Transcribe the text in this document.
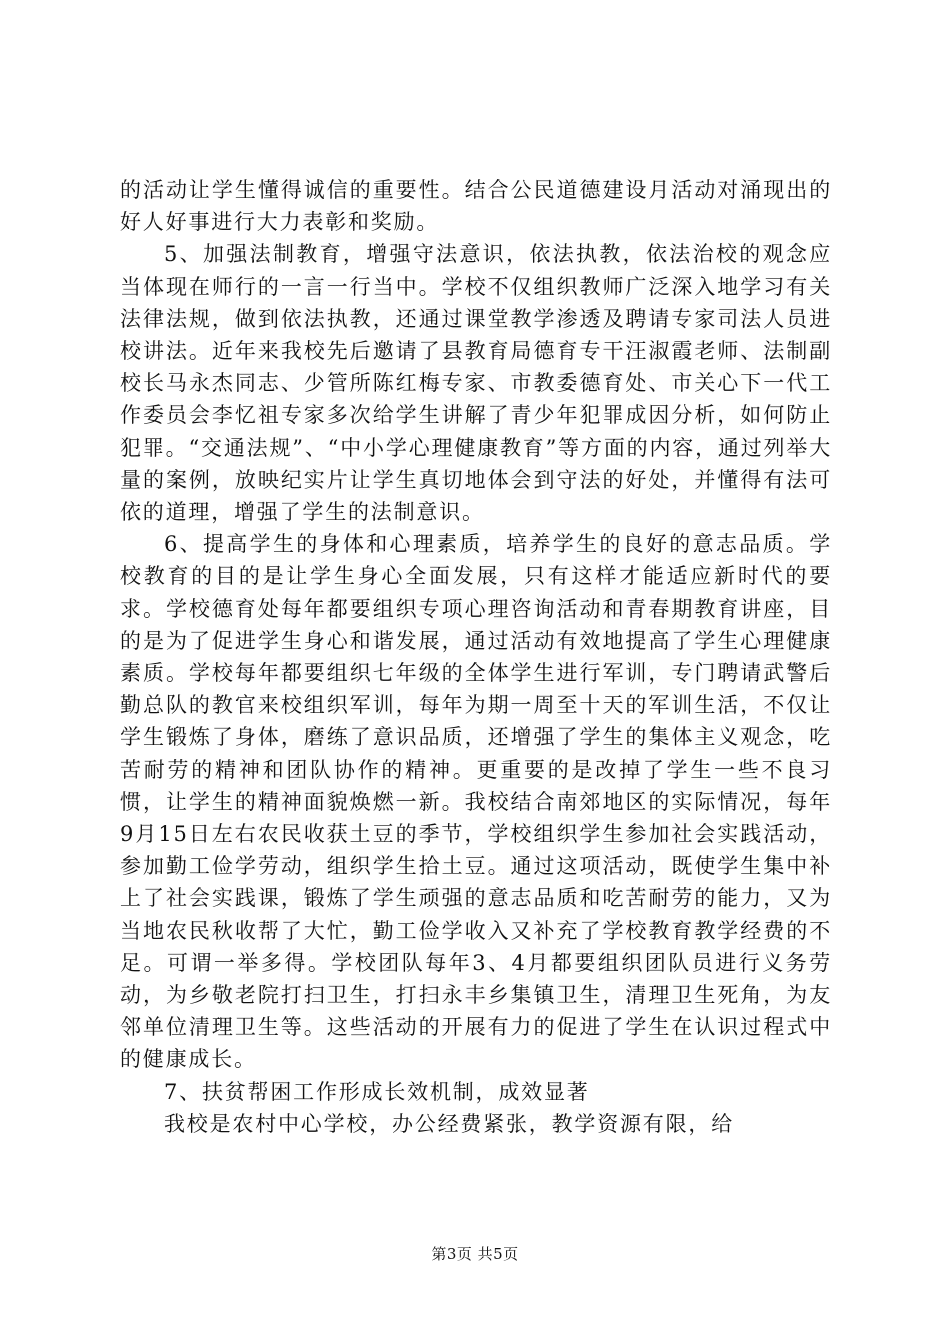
的活动让学生懂得诚信的重要性。结合公民道德建设月活动对涌现出的好人好事进行大力表彰和奖励。

5、加强法制教育，增强守法意识，依法执教，依法治校的观念应当体现在师行的一言一行当中。学校不仅组织教师广泛深入地学习有关法律法规，做到依法执教，还通过课堂教学渗透及聘请专家司法人员进校讲法。近年来我校先后邀请了县教育局德育专干汪淑霞老师、法制副校长马永杰同志、少管所陈红梅专家、市教委德育处、市关心下一代工作委员会李忆祖专家多次给学生讲解了青少年犯罪成因分析，如何防止犯罪。“交通法规”、“中小学心理健康教育”等方面的内容，通过列举大量的案例，放映纪实片让学生真切地体会到守法的好处，并懂得有法可依的道理，增强了学生的法制意识。

6、提高学生的身体和心理素质，培养学生的良好的意志品质。学校教育的目的是让学生身心全面发展，只有这样才能适应新时代的要求。学校德育处每年都要组织专项心理咨询活动和青春期教育讲座，目的是为了促进学生身心和谐发展，通过活动有效地提高了学生心理健康素质。学校每年都要组织七年级的全体学生进行军训，专门聘请武警后勤总队的教官来校组织军训，每年为期一周至十天的军训生活，不仅让学生锻炼了身体，磨练了意识品质，还增强了学生的集体主义观念，吃苦耐劳的精神和团队协作的精神。更重要的是改掉了学生一些不良习惯，让学生的精神面貌焕燃一新。我校结合南郊地区的实际情况，每年9月15日左右农民收获土豆的季节，学校组织学生参加社会实践活动，参加勤工俭学劳动，组织学生拾土豆。通过这项活动，既使学生集中补上了社会实践课，锻炼了学生顽强的意志品质和吃苦耐劳的能力，又为当地农民秋收帮了大忙，勤工俭学收入又补充了学校教育教学经费的不足。可谓一举多得。学校团队每年3、4月都要组织团队员进行义务劳动，为乡敬老院打扫卫生，打扫永丰乡集镇卫生，清理卫生死角，为友邻单位清理卫生等。这些活动的开展有力的促进了学生在认识过程式中的健康成长。

7、扶贫帮困工作形成长效机制，成效显著

我校是农村中心学校，办公经费紧张，教学资源有限，给

第3页 共5页
